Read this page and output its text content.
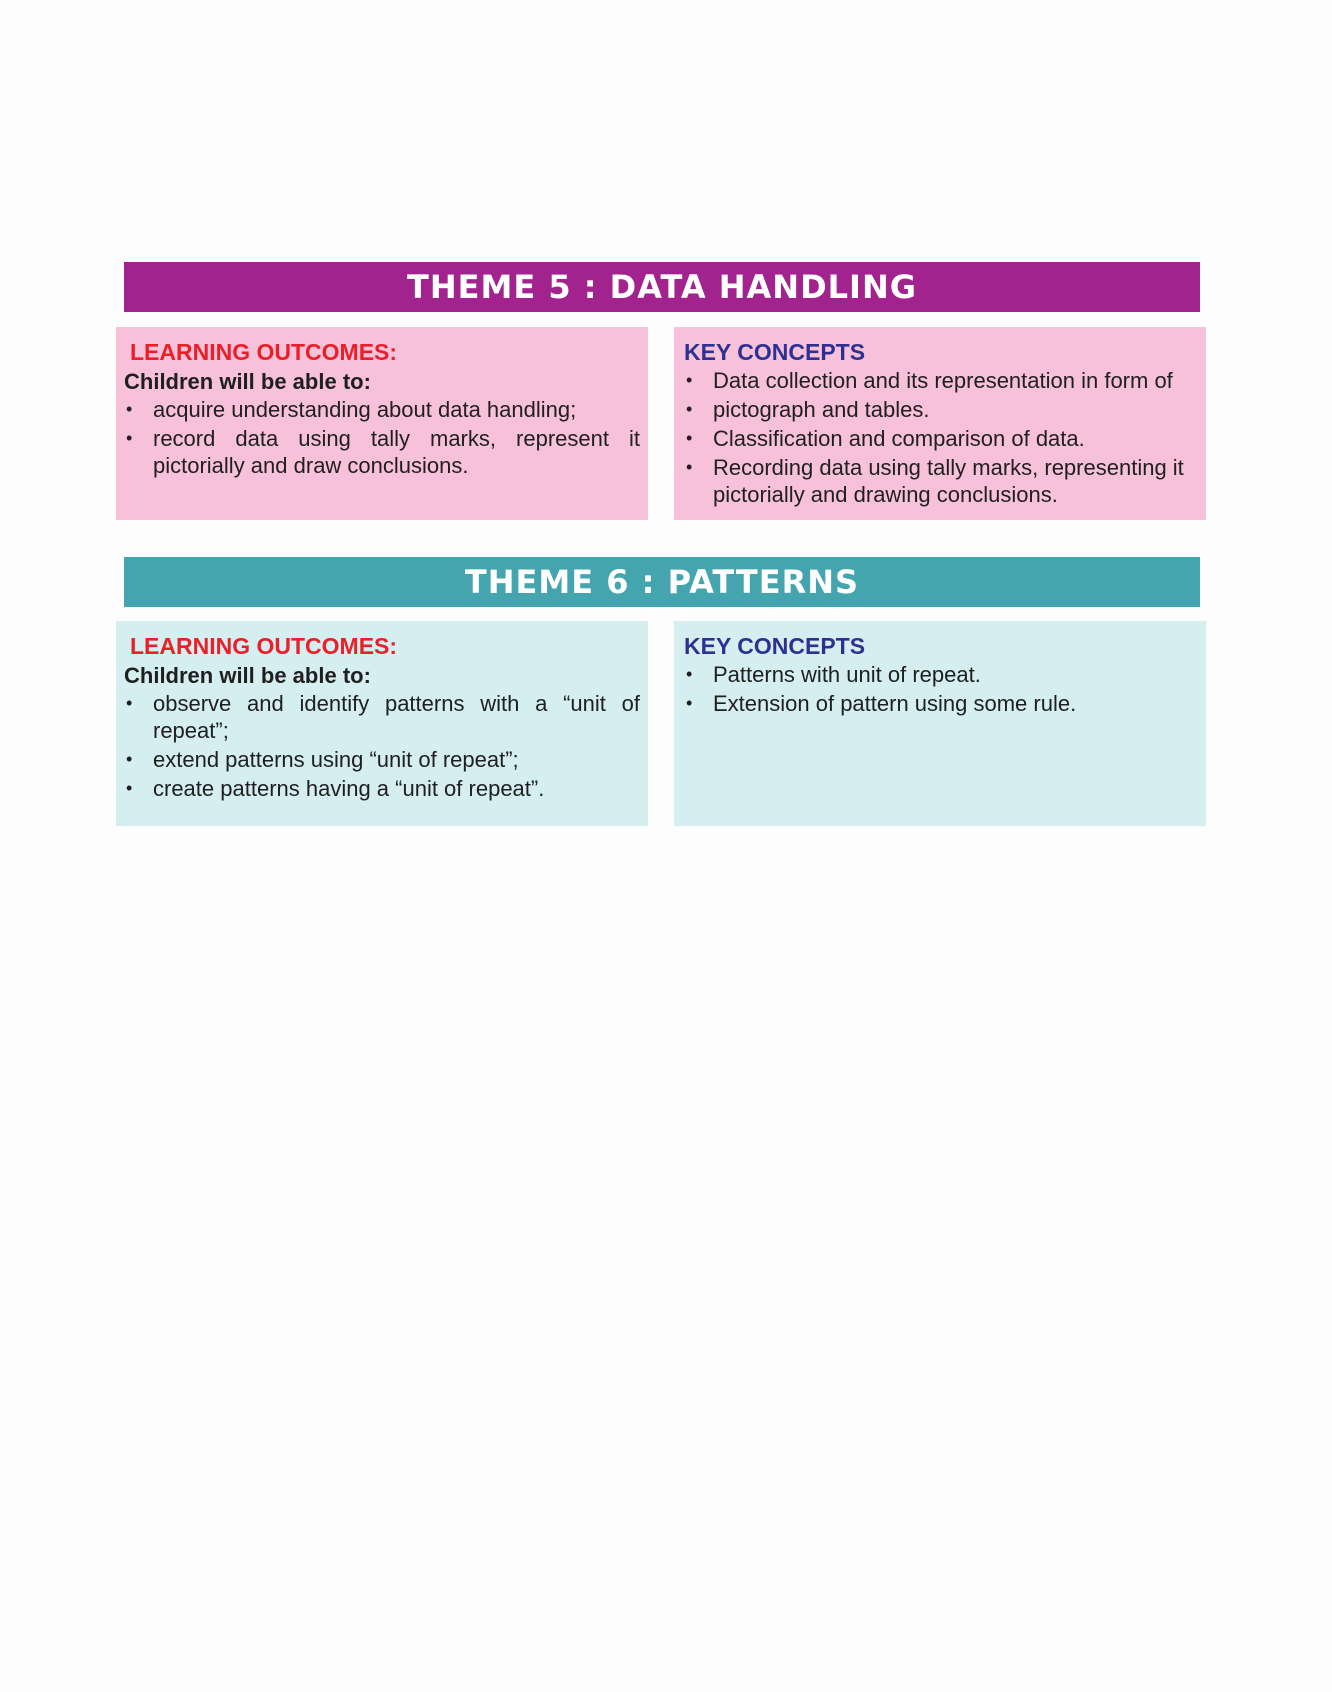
THEME 5 : DATA HANDLING
LEARNING OUTCOMES:
Children will be able to:
• acquire understanding about data handling;
• record data using tally marks, represent it pictorially and draw conclusions.
KEY CONCEPTS
• Data collection and its representation in form of
• pictograph and tables.
• Classification and comparison of data.
• Recording data using tally marks, representing it pictorially and drawing conclusions.
THEME 6 : PATTERNS
LEARNING OUTCOMES:
Children will be able to:
• observe and identify patterns with a “unit of repeat”;
• extend patterns using “unit of repeat”;
• create patterns having a “unit of repeat”.
KEY CONCEPTS
• Patterns with unit of repeat.
• Extension of pattern using some rule.
